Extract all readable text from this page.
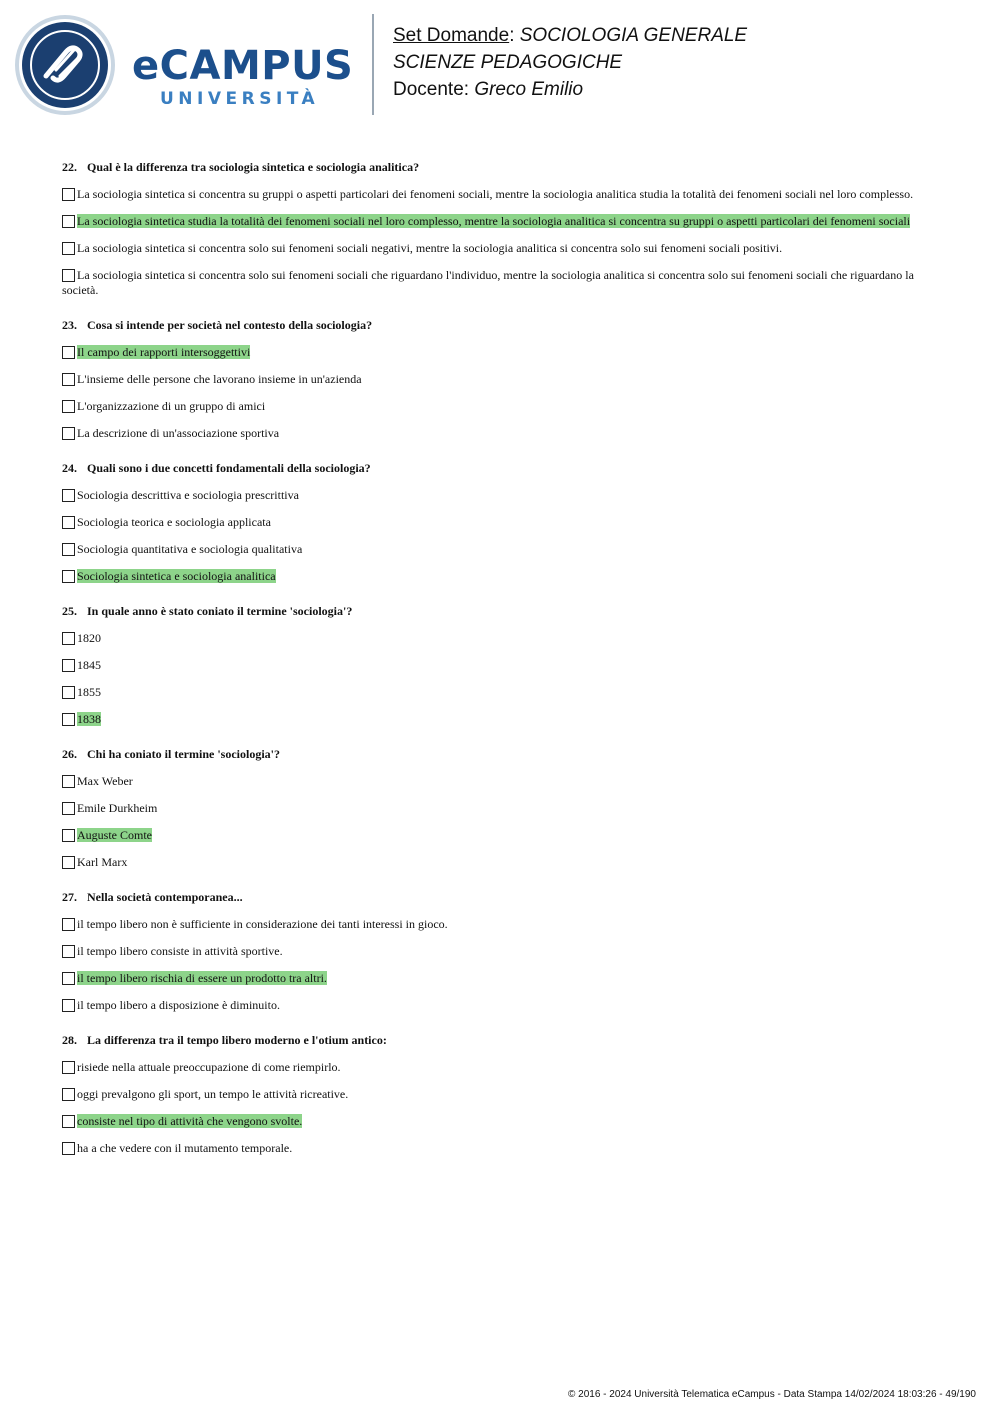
eCAMPUS
UNIVERSITÀ
Set Domande: SOCIOLOGIA GENERALE
SCIENZE PEDAGOGICHE
Docente: Greco Emilio
22. Qual è la differenza tra sociologia sintetica e sociologia analitica?
La sociologia sintetica si concentra su gruppi o aspetti particolari dei fenomeni sociali, mentre la sociologia analitica studia la totalità dei fenomeni sociali nel loro complesso.
La sociologia sintetica studia la totalità dei fenomeni sociali nel loro complesso, mentre la sociologia analitica si concentra su gruppi o aspetti particolari dei fenomeni sociali
La sociologia sintetica si concentra solo sui fenomeni sociali negativi, mentre la sociologia analitica si concentra solo sui fenomeni sociali positivi.
La sociologia sintetica si concentra solo sui fenomeni sociali che riguardano l'individuo, mentre la sociologia analitica si concentra solo sui fenomeni sociali che riguardano la società.
23. Cosa si intende per società nel contesto della sociologia?
Il campo dei rapporti intersoggettivi
L'insieme delle persone che lavorano insieme in un'azienda
L'organizzazione di un gruppo di amici
La descrizione di un'associazione sportiva
24. Quali sono i due concetti fondamentali della sociologia?
Sociologia descrittiva e sociologia prescrittiva
Sociologia teorica e sociologia applicata
Sociologia quantitativa e sociologia qualitativa
Sociologia sintetica e sociologia analitica
25. In quale anno è stato coniato il termine 'sociologia'?
1820
1845
1855
1838
26. Chi ha coniato il termine 'sociologia'?
Max Weber
Emile Durkheim
Auguste Comte
Karl Marx
27. Nella società contemporanea...
il tempo libero non è sufficiente in considerazione dei tanti interessi in gioco.
il tempo libero consiste in attività sportive.
il tempo libero rischia di essere un prodotto tra altri.
il tempo libero a disposizione è diminuito.
28. La differenza tra il tempo libero moderno e l'otium antico:
risiede nella attuale preoccupazione di come riempirlo.
oggi prevalgono gli sport, un tempo le attività ricreative.
consiste nel tipo di attività che vengono svolte.
ha a che vedere con il mutamento temporale.
© 2016 - 2024 Università Telematica eCampus - Data Stampa 14/02/2024 18:03:26 - 49/190
